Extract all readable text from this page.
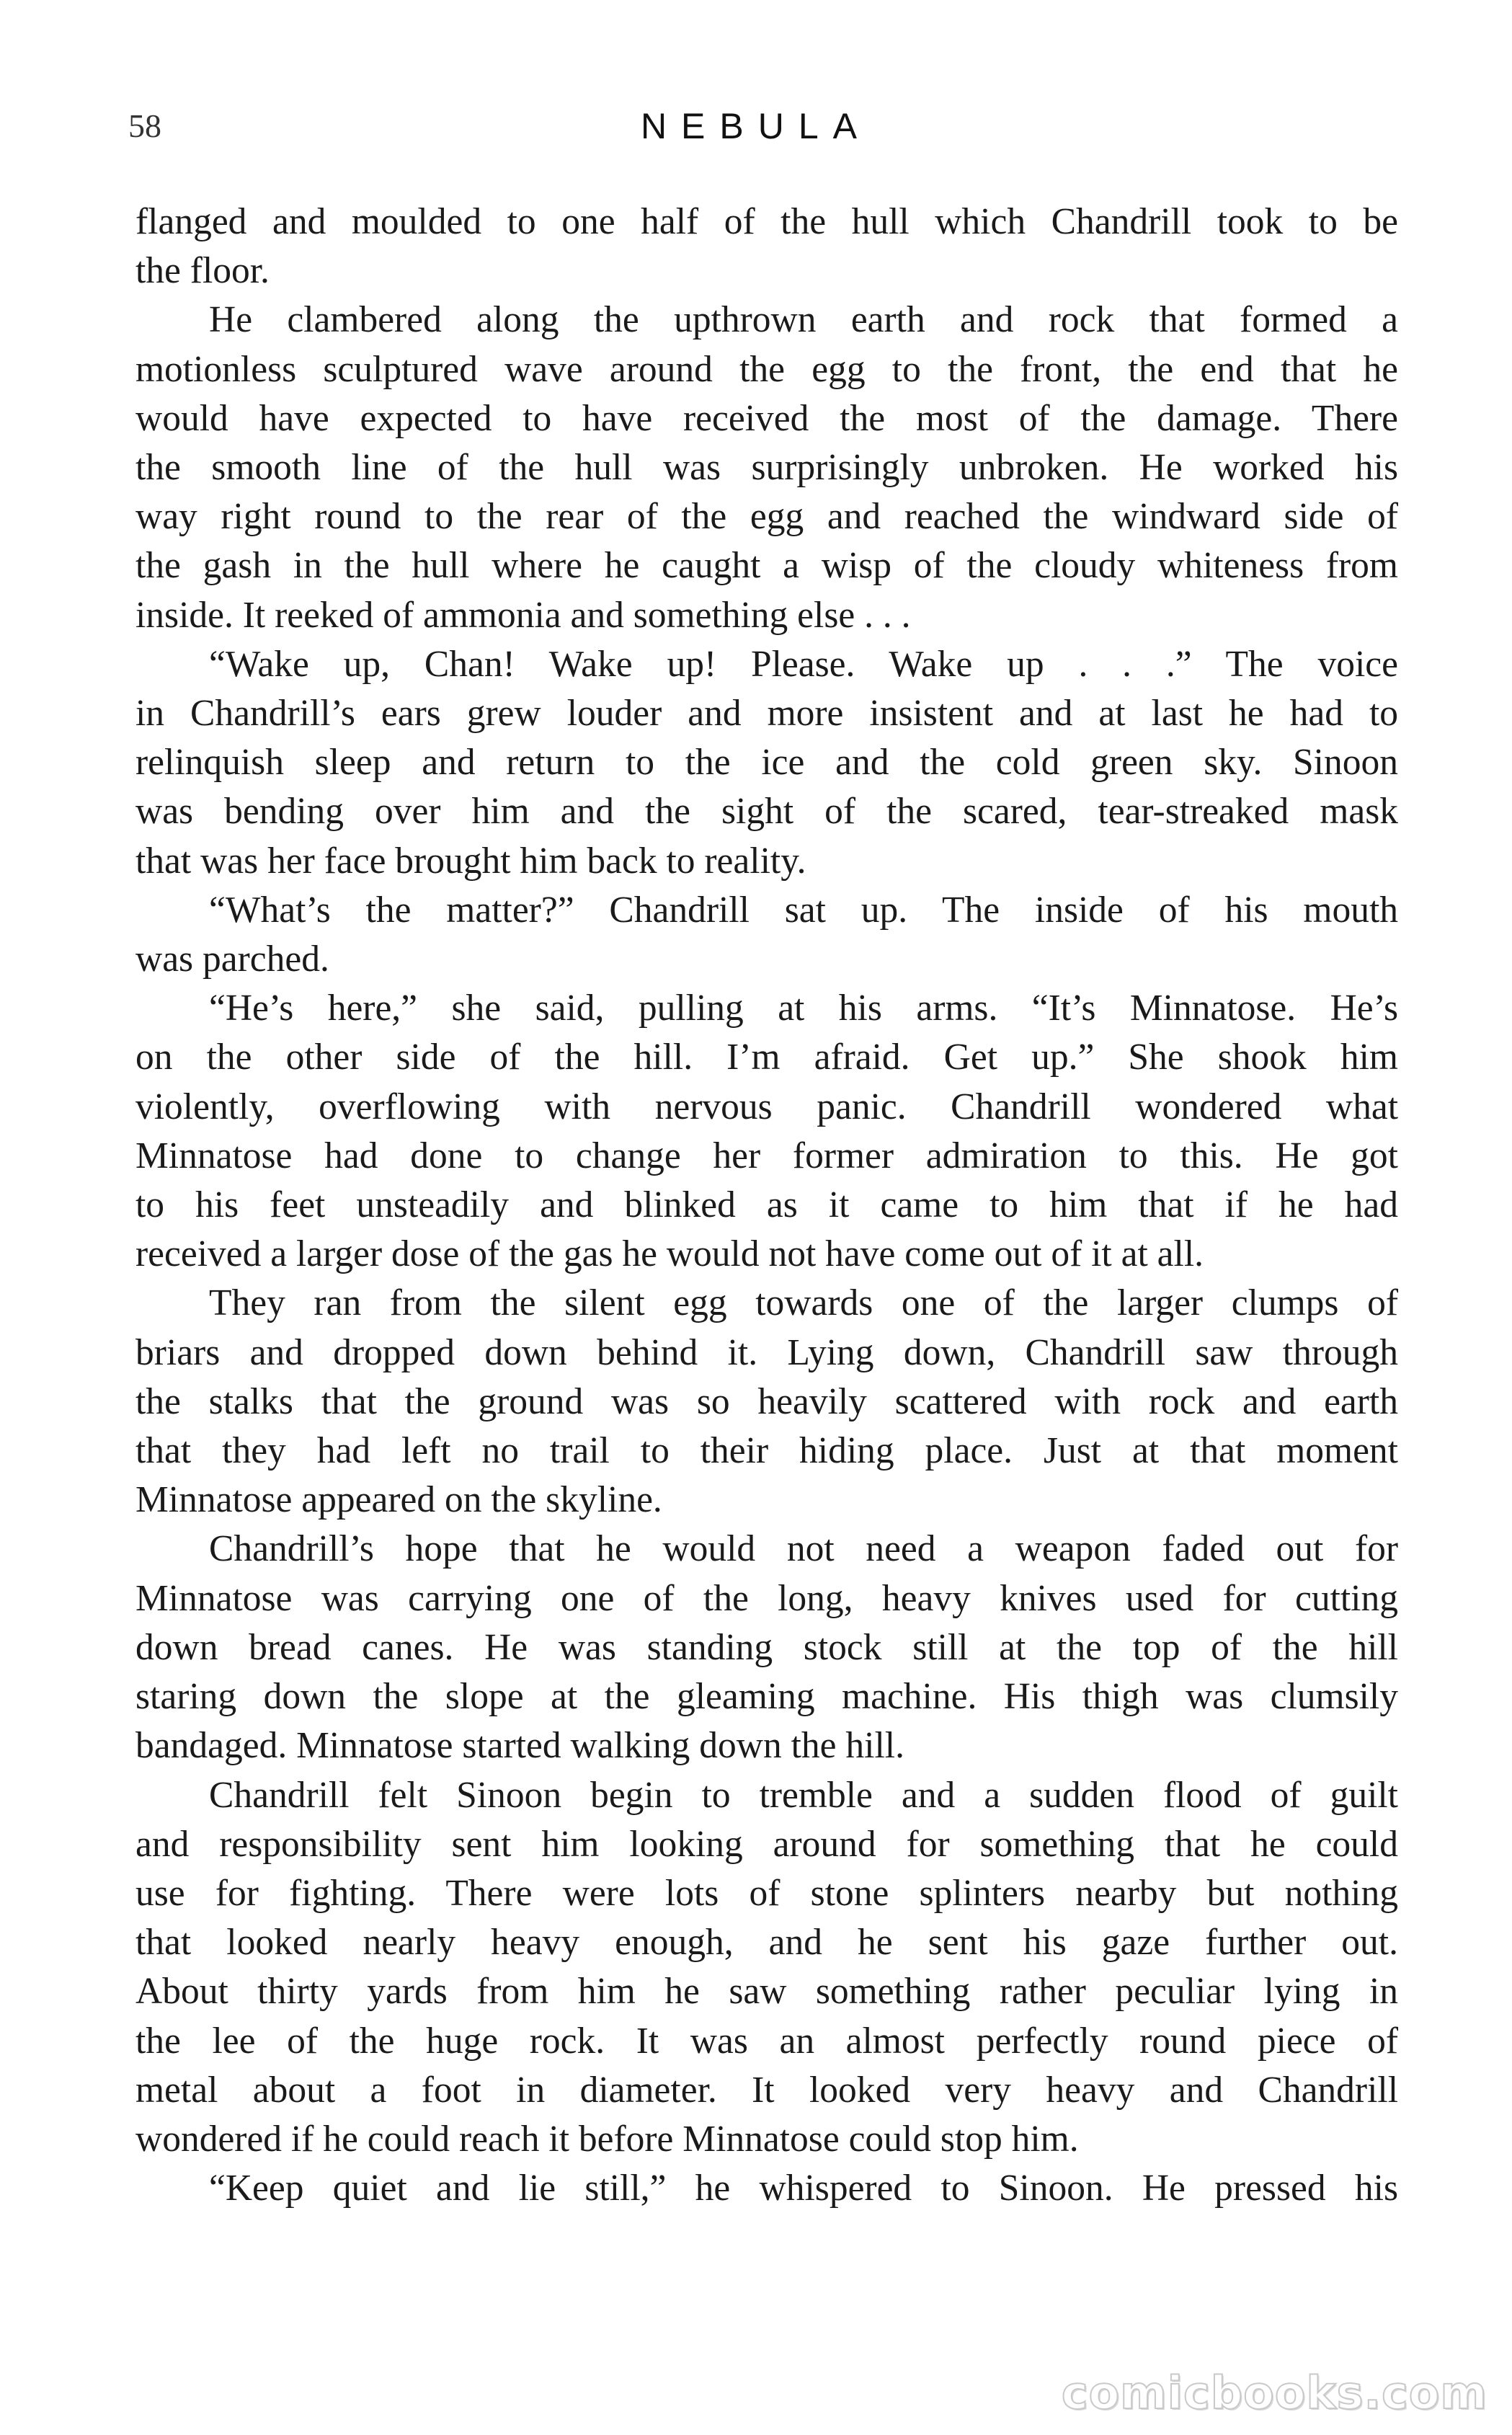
58	NEBULA
flanged and moulded to one half of the hull which Chandrill took to be
the floor.
He clambered along the upthrown earth and rock that formed a
motionless sculptured wave around the egg to the front, the end that he
would have expected to have received the most of the damage. There
the smooth line of the hull was surprisingly unbroken. He worked his
way right round to the rear of the egg and reached the windward side of
the gash in the hull where he caught a wisp of the cloudy whiteness from
inside. It reeked of ammonia and something else . . .
“Wake up, Chan! Wake up! Please. Wake up . . .” The voice
in Chandrill’s ears grew louder and more insistent and at last he had to
relinquish sleep and return to the ice and the cold green sky. Sinoon
was bending over him and the sight of the scared, tear-streaked mask
that was her face brought him back to reality.
“What’s the matter?” Chandrill sat up. The inside of his mouth
was parched.
“He’s here,” she said, pulling at his arms. “It’s Minnatose. He’s
on the other side of the hill. I’m afraid. Get up.” She shook him
violently, overflowing with nervous panic. Chandrill wondered what
Minnatose had done to change her former admiration to this. He got
to his feet unsteadily and blinked as it came to him that if he had
received a larger dose of the gas he would not have come out of it at all.
They ran from the silent egg towards one of the larger clumps of
briars and dropped down behind it. Lying down, Chandrill saw through
the stalks that the ground was so heavily scattered with rock and earth
that they had left no trail to their hiding place. Just at that moment
Minnatose appeared on the skyline.
Chandrill’s hope that he would not need a weapon faded out for
Minnatose was carrying one of the long, heavy knives used for cutting
down bread canes. He was standing stock still at the top of the hill
staring down the slope at the gleaming machine. His thigh was clumsily
bandaged. Minnatose started walking down the hill.
Chandrill felt Sinoon begin to tremble and a sudden flood of guilt
and responsibility sent him looking around for something that he could
use for fighting. There were lots of stone splinters nearby but nothing
that looked nearly heavy enough, and he sent his gaze further out.
About thirty yards from him he saw something rather peculiar lying in
the lee of the huge rock. It was an almost perfectly round piece of
metal about a foot in diameter. It looked very heavy and Chandrill
wondered if he could reach it before Minnatose could stop him.
“Keep quiet and lie still,” he whispered to Sinoon. He pressed his
comicbooks.com
